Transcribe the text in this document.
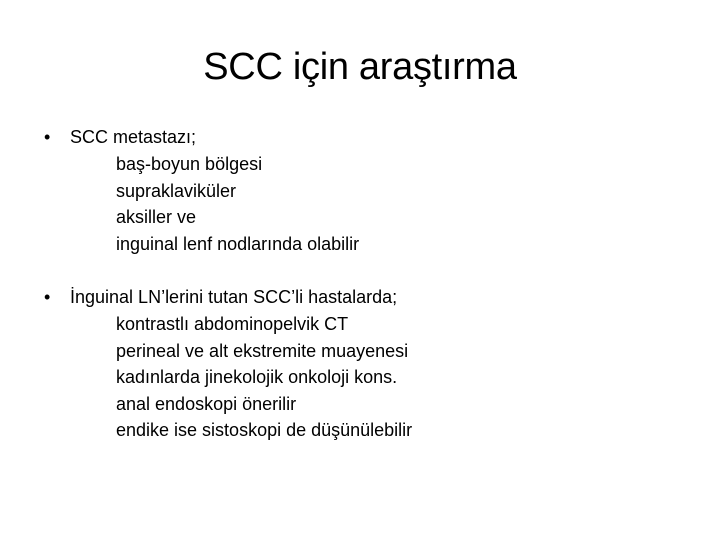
SCC için araştırma
•	SCC metastazı;
baş-boyun bölgesi
supraklaviküler
aksiller ve
inguinal lenf nodlarında olabilir
•	İnguinal LN’lerini tutan SCC’li hastalarda;
kontrastlı abdominopelvik CT
perineal ve alt ekstremite muayenesi
kadınlarda jinekolojik onkoloji kons.
anal endoskopi önerilir
endike ise sistoskopi de düşünülebilir
